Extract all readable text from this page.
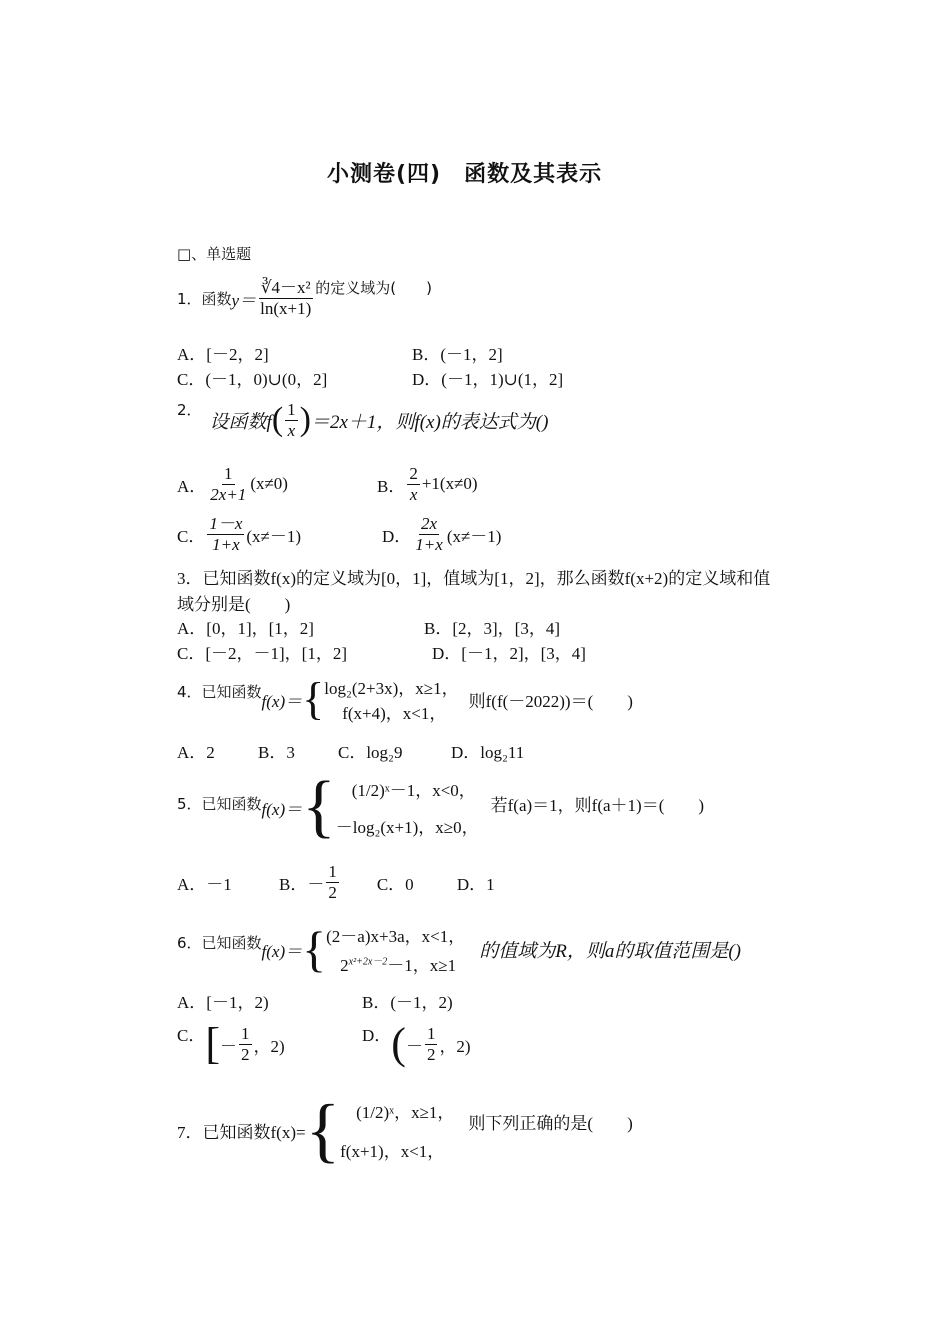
小测卷(四)　函数及其表示
□、单选题
1．函数 $y= \frac{\text{∛4－x²}}{\ln(x+1)}$ 的定义域为(　　)
A．[－2，2]	B．(－1，2]
C．(－1，0)∪(0，2]	D．(－1，1)∪(1，2]
2．
设函数f ( $\frac{1}{x}$ ) ＝2x＋1，则f(x)的表达式为()
A． $\frac{1}{2x+1} (x\ne 0)$	B． $\frac{2}{x} +1(x\ne 0)$
C． $\frac{1-x}{1+x} (x\ne-1)$	D． $\frac{2x}{1+x} (x\ne-1)$
3．已知函数f(x)的定义域为[0，1]，值域为[1，2]，那么函数f(x+2)的定义域和值
域分别是(　　)
A．[0，1]，[1，2]	B．[2，3]，[3，4]
C．[－2，－1]，[1，2]	D．[－1，2]，[3，4]
4．已知函数 f(x)＝ { log₂(2+3x)，x≥1，
f(x+4)，x<1，
则f(f(－2022))＝(　　)
A．2	B．3	C．log₂9	D．log₂11
5．已知函数 f(x)＝ { (1/2)ˣ－1，x<0，
－log₂(x+1)，x≥0，
若f(a)＝1，则f(a＋1)＝(　　)
A．－1	B．－ $\frac{1}{2}$ C．0	D．1
6．已知函数 f(x)＝ { (2－a)x+3a，x<1，
$2^{x^2+2x-2}-1$，x≥1
的值域为R，则a的取值范围是()
A．[－1，2)	B．(－1，2)
C． [ － $\frac{1}{2}$ ，2)
D． ( － $\frac{1}{2}$ ，2)
7．已知函数f(x)= { (1/2)ˣ，x≥1，
f(x+1)，x<1，
则下列正确的是(　　)
